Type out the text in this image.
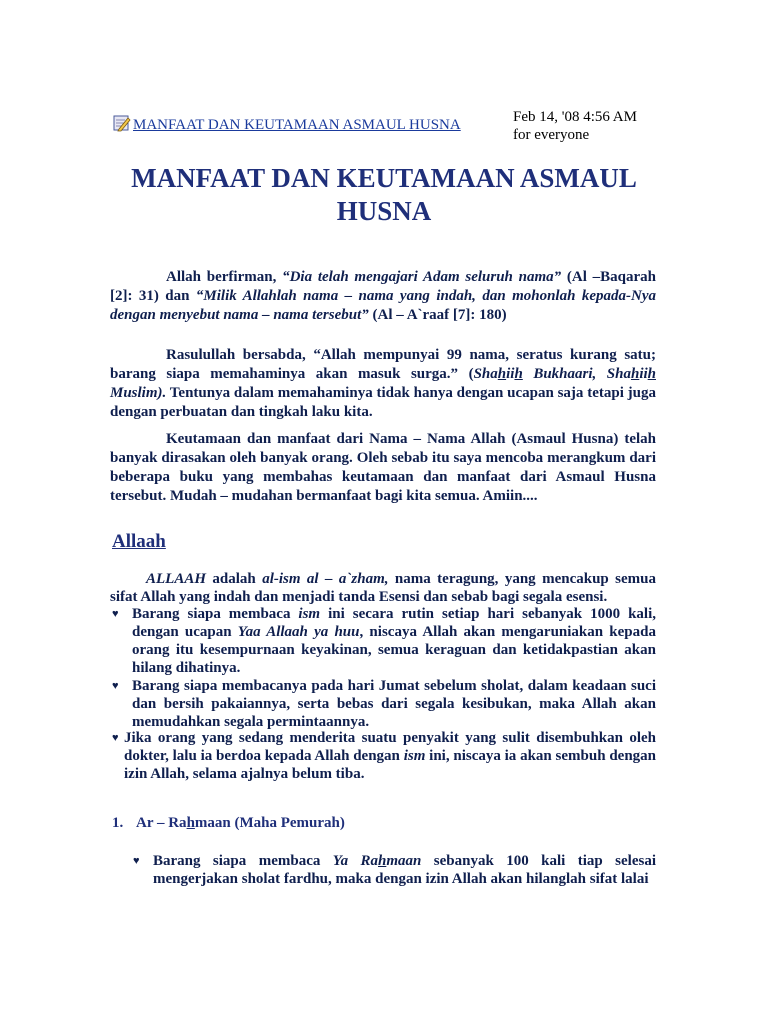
MANFAAT DAN KEUTAMAAN ASMAUL HUSNA	Feb 14, '08 4:56 AM
for everyone
MANFAAT DAN KEUTAMAAN ASMAUL
HUSNA
Allah berfirman, “Dia telah mengajari Adam seluruh nama” (Al –Baqarah [2]: 31) dan “Milik Allahlah nama – nama yang indah, dan mohonlah kepada-Nya dengan menyebut nama – nama tersebut” (Al – A`raaf [7]: 180)
Rasulullah bersabda, “Allah mempunyai 99 nama, seratus kurang satu; barang siapa memahaminya akan masuk surga.” (Shahiih Bukhaari, Shahiih Muslim). Tentunya dalam memahaminya tidak hanya dengan ucapan saja tetapi juga dengan perbuatan dan tingkah laku kita.
Keutamaan dan manfaat dari Nama – Nama Allah (Asmaul Husna) telah banyak dirasakan oleh banyak orang. Oleh sebab itu saya mencoba merangkum dari beberapa buku yang membahas keutamaan dan manfaat dari Asmaul Husna tersebut. Mudah – mudahan bermanfaat bagi kita semua. Amiin....
Allaah
ALLAAH adalah al-ism al – a`zham, nama teragung, yang mencakup semua sifat Allah yang indah dan menjadi tanda Esensi dan sebab bagi segala esensi.
♥ Barang siapa membaca ism ini secara rutin setiap hari sebanyak 1000 kali, dengan ucapan Yaa Allaah ya huu, niscaya Allah akan mengaruniakan kepada orang itu kesempurnaan keyakinan, semua keraguan dan ketidakpastian akan hilang dihatinya.
♥ Barang siapa membacanya pada hari Jumat sebelum sholat, dalam keadaan suci dan bersih pakaiannya, serta bebas dari segala kesibukan, maka Allah akan memudahkan segala permintaannya.
♥ Jika orang yang sedang menderita suatu penyakit yang sulit disembuhkan oleh dokter, lalu ia berdoa kepada Allah dengan ism ini, niscaya ia akan sembuh dengan izin Allah, selama ajalnya belum tiba.
1. Ar – Rahmaan (Maha Pemurah)
♥ Barang siapa membaca Ya Rahmaan sebanyak 100 kali tiap selesai mengerjakan sholat fardhu, maka dengan izin Allah akan hilanglah sifat lalai
